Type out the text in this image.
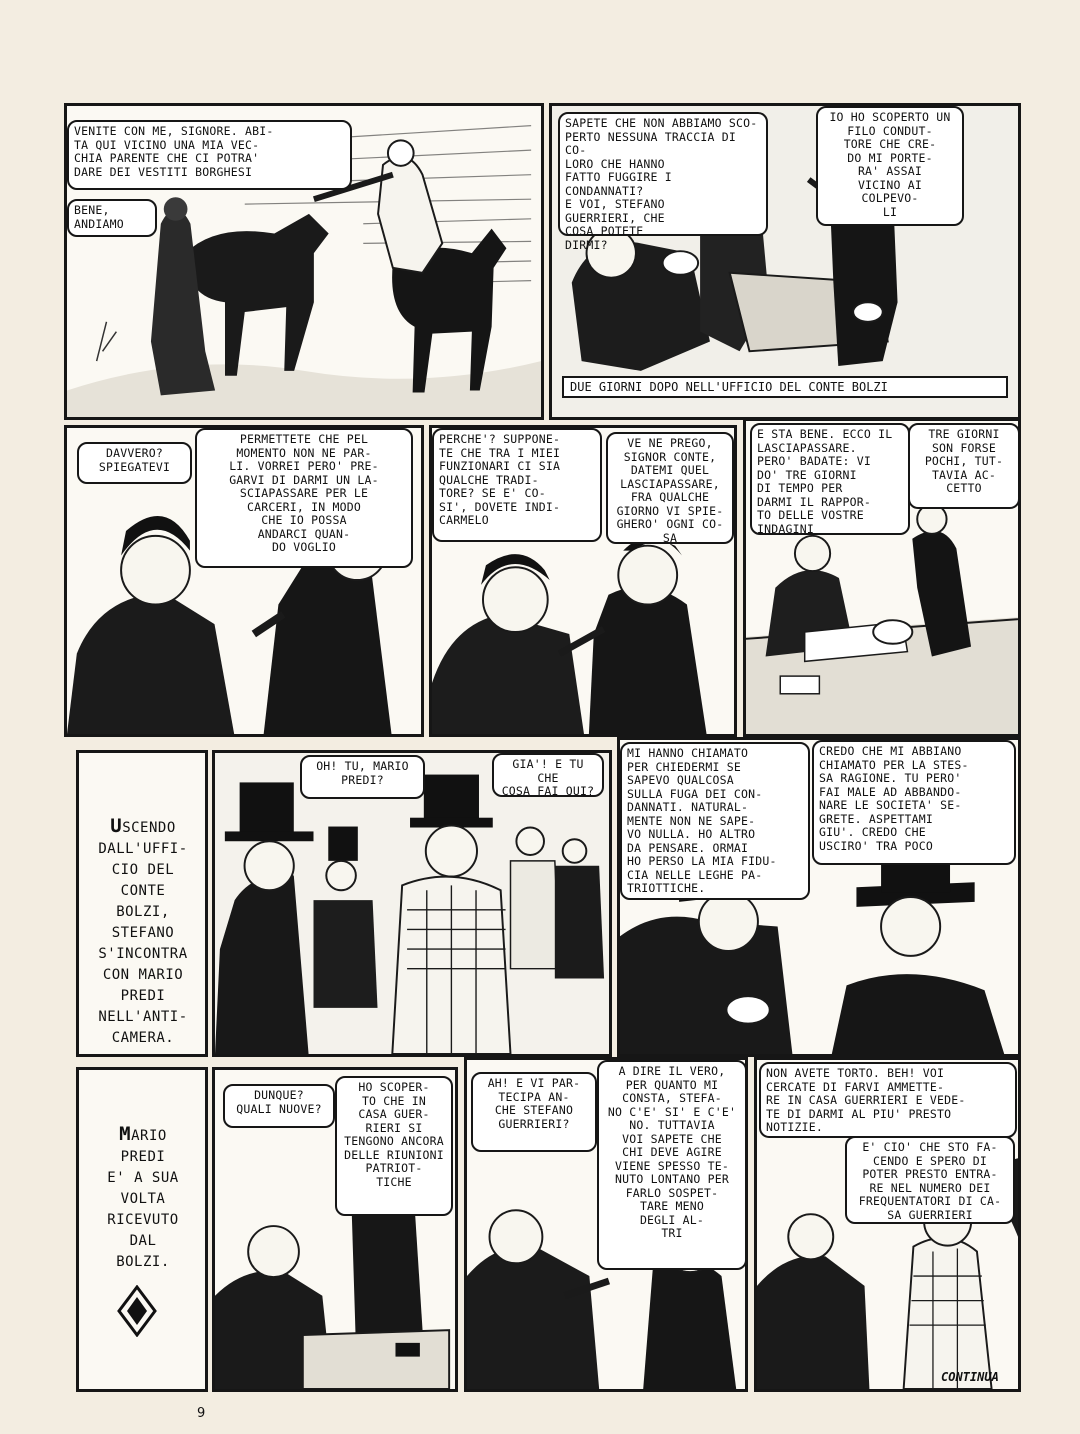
VENITE CON ME, SIGNORE. ABI-
TA QUI VICINO UNA MIA VEC-
CHIA PARENTE CHE CI POTRA'
DARE DEI VESTITI BORGHESI
BENE,
ANDIAMO
SAPETE CHE NON ABBIAMO SCO-
PERTO NESSUNA TRACCIA DI CO-
LORO CHE HANNO
FATTO FUGGIRE I
CONDANNATI?
E VOI, STEFANO
GUERRIERI, CHE
COSA POTETE
DIRMI?
IO HO SCOPERTO UN
FILO CONDUT-
TORE CHE CRE-
DO MI PORTE-
RA' ASSAI
VICINO AI
COLPEVO-
LI
DUE GIORNI DOPO NELL'UFFICIO DEL CONTE BOLZI
DAVVERO?
SPIEGATEVI
PERMETTETE CHE PEL
MOMENTO NON NE PAR-
LI. VORREI PERO' PRE-
GARVI DI DARMI UN LA-
SCIAPASSARE PER LE
CARCERI, IN MODO
CHE IO POSSA
ANDARCI QUAN-
DO VOGLIO
PERCHE'? SUPPONE-
TE CHE TRA I MIEI
FUNZIONARI CI SIA
QUALCHE TRADI-
TORE? SE E' CO-
SI', DOVETE INDI-
CARMELO
VE NE PREGO,
SIGNOR CONTE,
DATEMI QUEL
LASCIAPASSARE,
FRA QUALCHE
GIORNO VI SPIE-
GHERO' OGNI CO-
SA
E STA BENE. ECCO IL
LASCIAPASSARE.
PERO' BADATE: VI
DO' TRE GIORNI
DI TEMPO PER
DARMI IL RAPPOR-
TO DELLE VOSTRE
INDAGINI
TRE GIORNI
SON FORSE
POCHI, TUT-
TAVIA AC-
CETTO

USCENDO
DALL'UFFI-
CIO DEL
CONTE
BOLZI,
STEFANO
S'INCONTRA
CON MARIO
PREDI
NELL'ANTI-
CAMERA.

OH! TU, MARIO
PREDI?
GIA'! E TU CHE
COSA FAI QUI?
MI HANNO CHIAMATO
PER CHIEDERMI SE
SAPEVO QUALCOSA
SULLA FUGA DEI CON-
DANNATI. NATURAL-
MENTE NON NE SAPE-
VO NULLA. HO ALTRO
DA PENSARE. ORMAI
HO PERSO LA MIA FIDU-
CIA NELLE LEGHE PA-
TRIOTTICHE.
CREDO CHE MI ABBIANO
CHIAMATO PER LA STES-
SA RAGIONE. TU PERO'
FAI MALE AD ABBANDO-
NARE LE SOCIETA' SE-
GRETE. ASPETTAMI
GIU'. CREDO CHE
USCIRO' TRA POCO

MARIO
PREDI
E' A SUA
VOLTA
RICEVUTO
DAL
BOLZI.

DUNQUE?
QUALI NUOVE?
HO SCOPER-
TO CHE IN
CASA GUER-
RIERI SI
TENGONO ANCORA
DELLE RIUNIONI
PATRIOT-
TICHE
AH! E VI PAR-
TECIPA AN-
CHE STEFANO
GUERRIERI?
A DIRE IL VERO,
PER QUANTO MI
CONSTA, STEFA-
NO C'E' SI' E C'E'
NO. TUTTAVIA
VOI SAPETE CHE
CHI DEVE AGIRE
VIENE SPESSO TE-
NUTO LONTANO PER
FARLO SOSPET-
TARE MENO
DEGLI AL-
TRI
NON AVETE TORTO. BEH! VOI
CERCATE DI FARVI AMMETTE-
RE IN CASA GUERRIERI E VEDE-
TE DI DARMI AL PIU' PRESTO
NOTIZIE.
E' CIO' CHE STO FA-
CENDO E SPERO DI
POTER PRESTO ENTRA-
RE NEL NUMERO DEI
FREQUENTATORI DI CA-
SA GUERRIERI
CONTINUA
9
